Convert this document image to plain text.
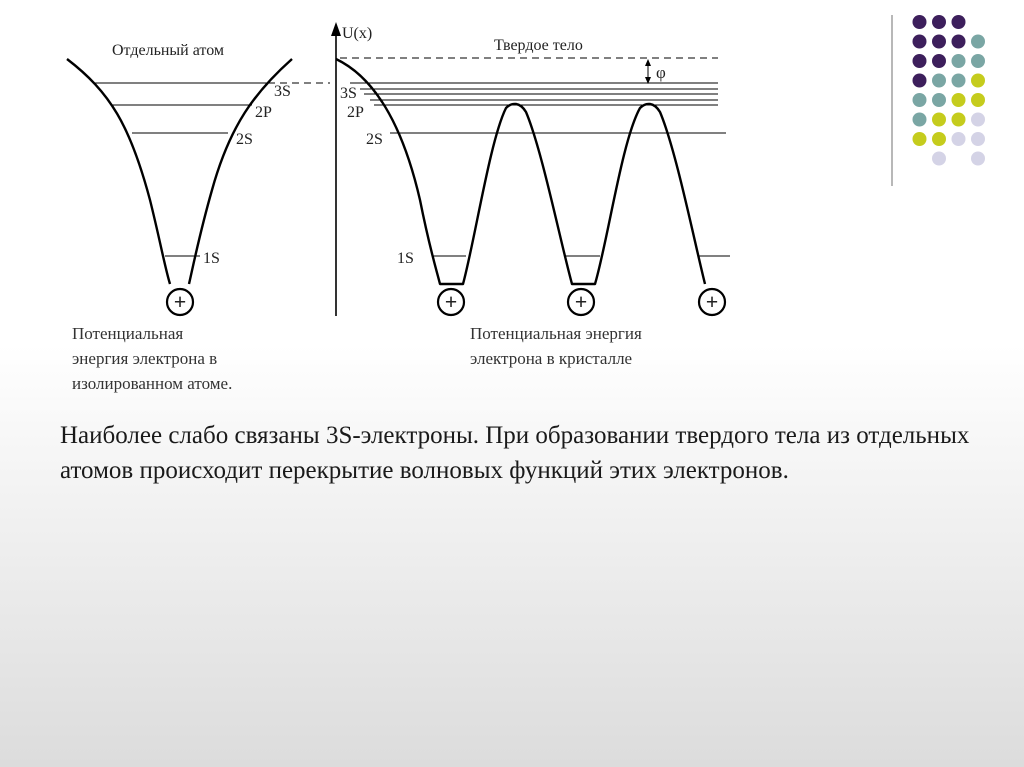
Отдельный атом
3S
2P
2S
1S
+
U(x)
Твердое тело
φ
3S
2P
2S
1S
+	+	+
Потенциальная
энергия электрона в
изолированном атоме.
Потенциальная энергия
электрона в кристалле
Наиболее слабо связаны 3S-электроны. При образовании твердого тела из отдельных атомов происходит перекрытие волновых функций этих электронов.
